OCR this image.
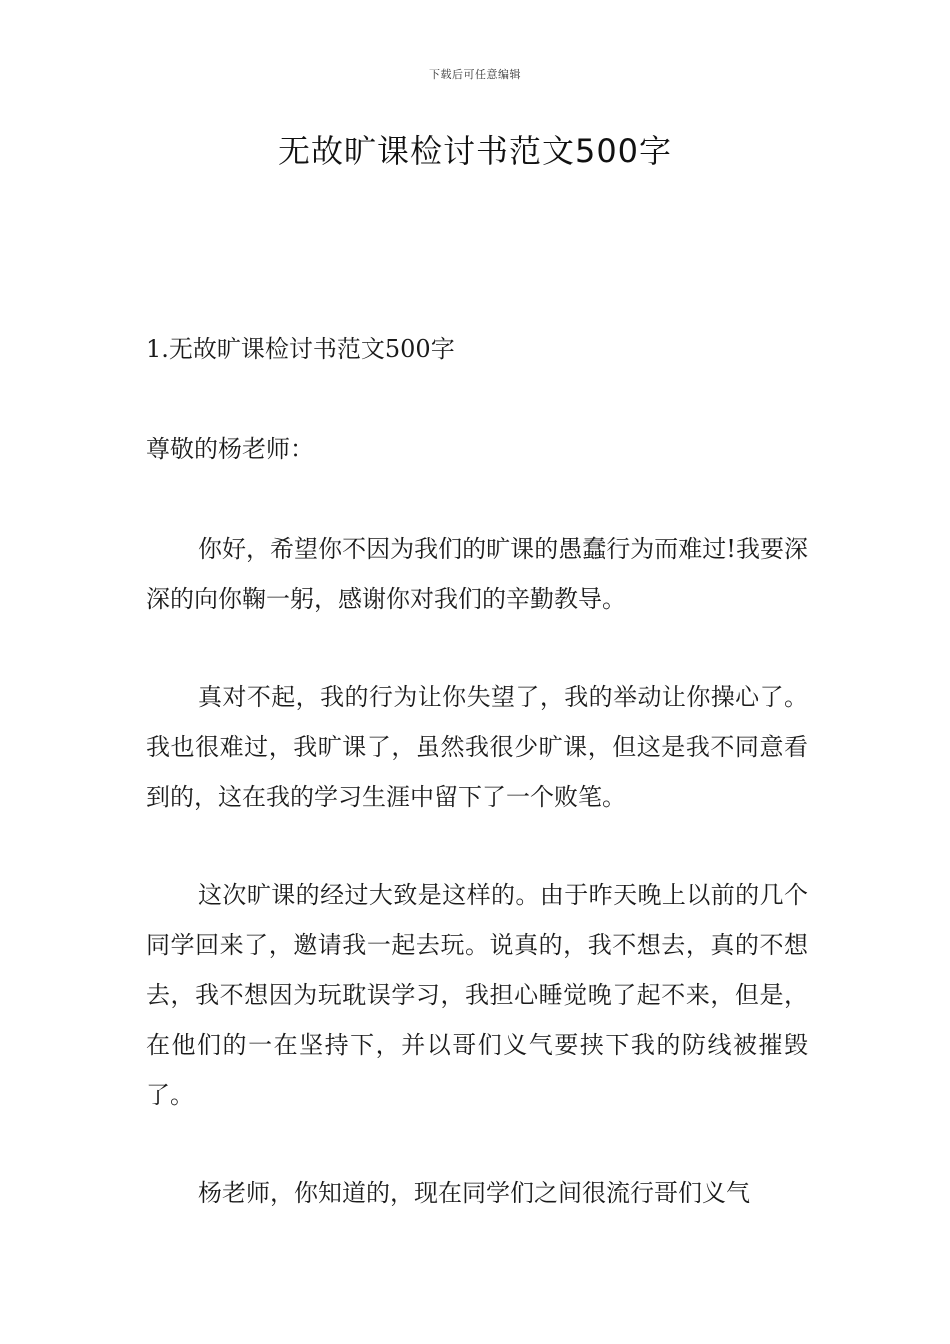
下载后可任意编辑
无故旷课检讨书范文500字
1.无故旷课检讨书范文500字
尊敬的杨老师：

你好，希望你不因为我们的旷课的愚蠢行为而难过!我要深深的向你鞠一躬，感谢你对我们的辛勤教导。

真对不起，我的行为让你失望了，我的举动让你操心了。我也很难过，我旷课了，虽然我很少旷课，但这是我不同意看到的，这在我的学习生涯中留下了一个败笔。

这次旷课的经过大致是这样的。由于昨天晚上以前的几个同学回来了，邀请我一起去玩。说真的，我不想去，真的不想去，我不想因为玩耽误学习，我担心睡觉晚了起不来，但是，在他们的一在坚持下，并以哥们义气要挟下我的防线被摧毁了。

杨老师，你知道的，现在同学们之间很流行哥们义气
